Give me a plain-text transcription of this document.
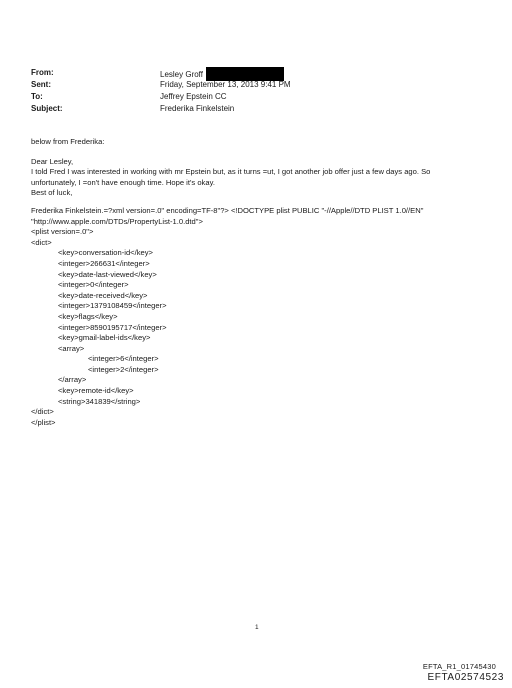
From:	Lesley Groff
Sent:	Friday, September 13, 2013 9:41 PM
To:	Jeffrey Epstein CC
Subject:	Frederika Finkelstein
below from Frederika:
Dear Lesley,
I told Fred I was interested in working with mr Epstein but, as it turns =ut, I got another job offer just a few days ago. So
unfortunately, I =on't have enough time. Hope it's okay.
Best of luck,
Frederika Finkelstein.=?xml version=.0" encoding=TF-8"?> <!DOCTYPE plist PUBLIC "-//Apple//DTD PLIST 1.0//EN"
"http://www.apple.com/DTDs/PropertyList-1.0.dtd">
<plist version=.0">
<dict>
<key>conversation-id</key>
<integer>266631</integer>
<key>date-last-viewed</key>
<integer>0</integer>
<key>date-received</key>
<integer>1379108459</integer>
<key>flags</key>
<integer>8590195717</integer>
<key>gmail-label-ids</key>
<array>
<integer>6</integer>
<integer>2</integer>
</array>
<key>remote-id</key>
<string>341839</string>
</dict>
</plist>
1
EFTA_R1_01745430
EFTA02574523
